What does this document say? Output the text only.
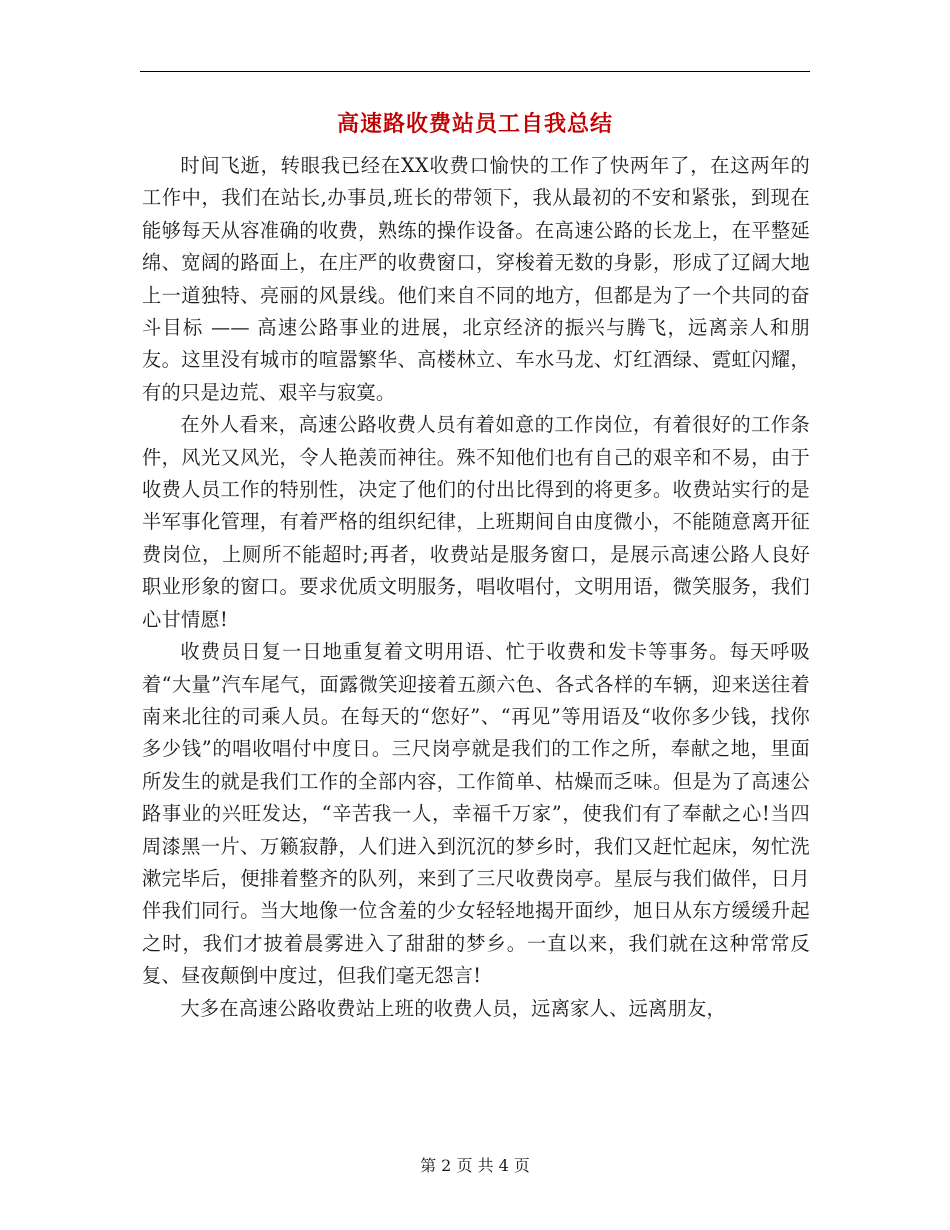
高速路收费站员工自我总结

时间飞逝，转眼我已经在XX收费口愉快的工作了快两年了，在这两年的工作中，我们在站长,办事员,班长的带领下，我从最初的不安和紧张，到现在能够每天从容准确的收费，熟练的操作设备。在高速公路的长龙上，在平整延绵、宽阔的路面上，在庄严的收费窗口，穿梭着无数的身影，形成了辽阔大地上一道独特、亮丽的风景线。他们来自不同的地方，但都是为了一个共同的奋斗目标 —— 高速公路事业的进展，北京经济的振兴与腾飞，远离亲人和朋友。这里没有城市的喧嚣繁华、高楼林立、车水马龙、灯红酒绿、霓虹闪耀，有的只是边荒、艰辛与寂寞。

在外人看来，高速公路收费人员有着如意的工作岗位，有着很好的工作条件，风光又风光，令人艳羡而神往。殊不知他们也有自己的艰辛和不易，由于收费人员工作的特别性，决定了他们的付出比得到的将更多。收费站实行的是半军事化管理，有着严格的组织纪律，上班期间自由度微小，不能随意离开征费岗位，上厕所不能超时;再者，收费站是服务窗口，是展示高速公路人良好职业形象的窗口。要求优质文明服务，唱收唱付，文明用语，微笑服务，我们心甘情愿!

收费员日复一日地重复着文明用语、忙于收费和发卡等事务。每天呼吸着“大量”汽车尾气，面露微笑迎接着五颜六色、各式各样的车辆，迎来送往着南来北往的司乘人员。在每天的“您好”、“再见”等用语及“收你多少钱，找你多少钱”的唱收唱付中度日。三尺岗亭就是我们的工作之所，奉献之地，里面所发生的就是我们工作的全部内容，工作简单、枯燥而乏味。但是为了高速公路事业的兴旺发达，“辛苦我一人，幸福千万家”，使我们有了奉献之心!当四周漆黑一片、万籁寂静，人们进入到沉沉的梦乡时，我们又赶忙起床，匆忙洗漱完毕后，便排着整齐的队列，来到了三尺收费岗亭。星辰与我们做伴，日月伴我们同行。当大地像一位含羞的少女轻轻地揭开面纱，旭日从东方缓缓升起之时，我们才披着晨雾进入了甜甜的梦乡。一直以来，我们就在这种常常反复、昼夜颠倒中度过，但我们毫无怨言!

大多在高速公路收费站上班的收费人员，远离家人、远离朋友，

第 2 页 共 4 页
